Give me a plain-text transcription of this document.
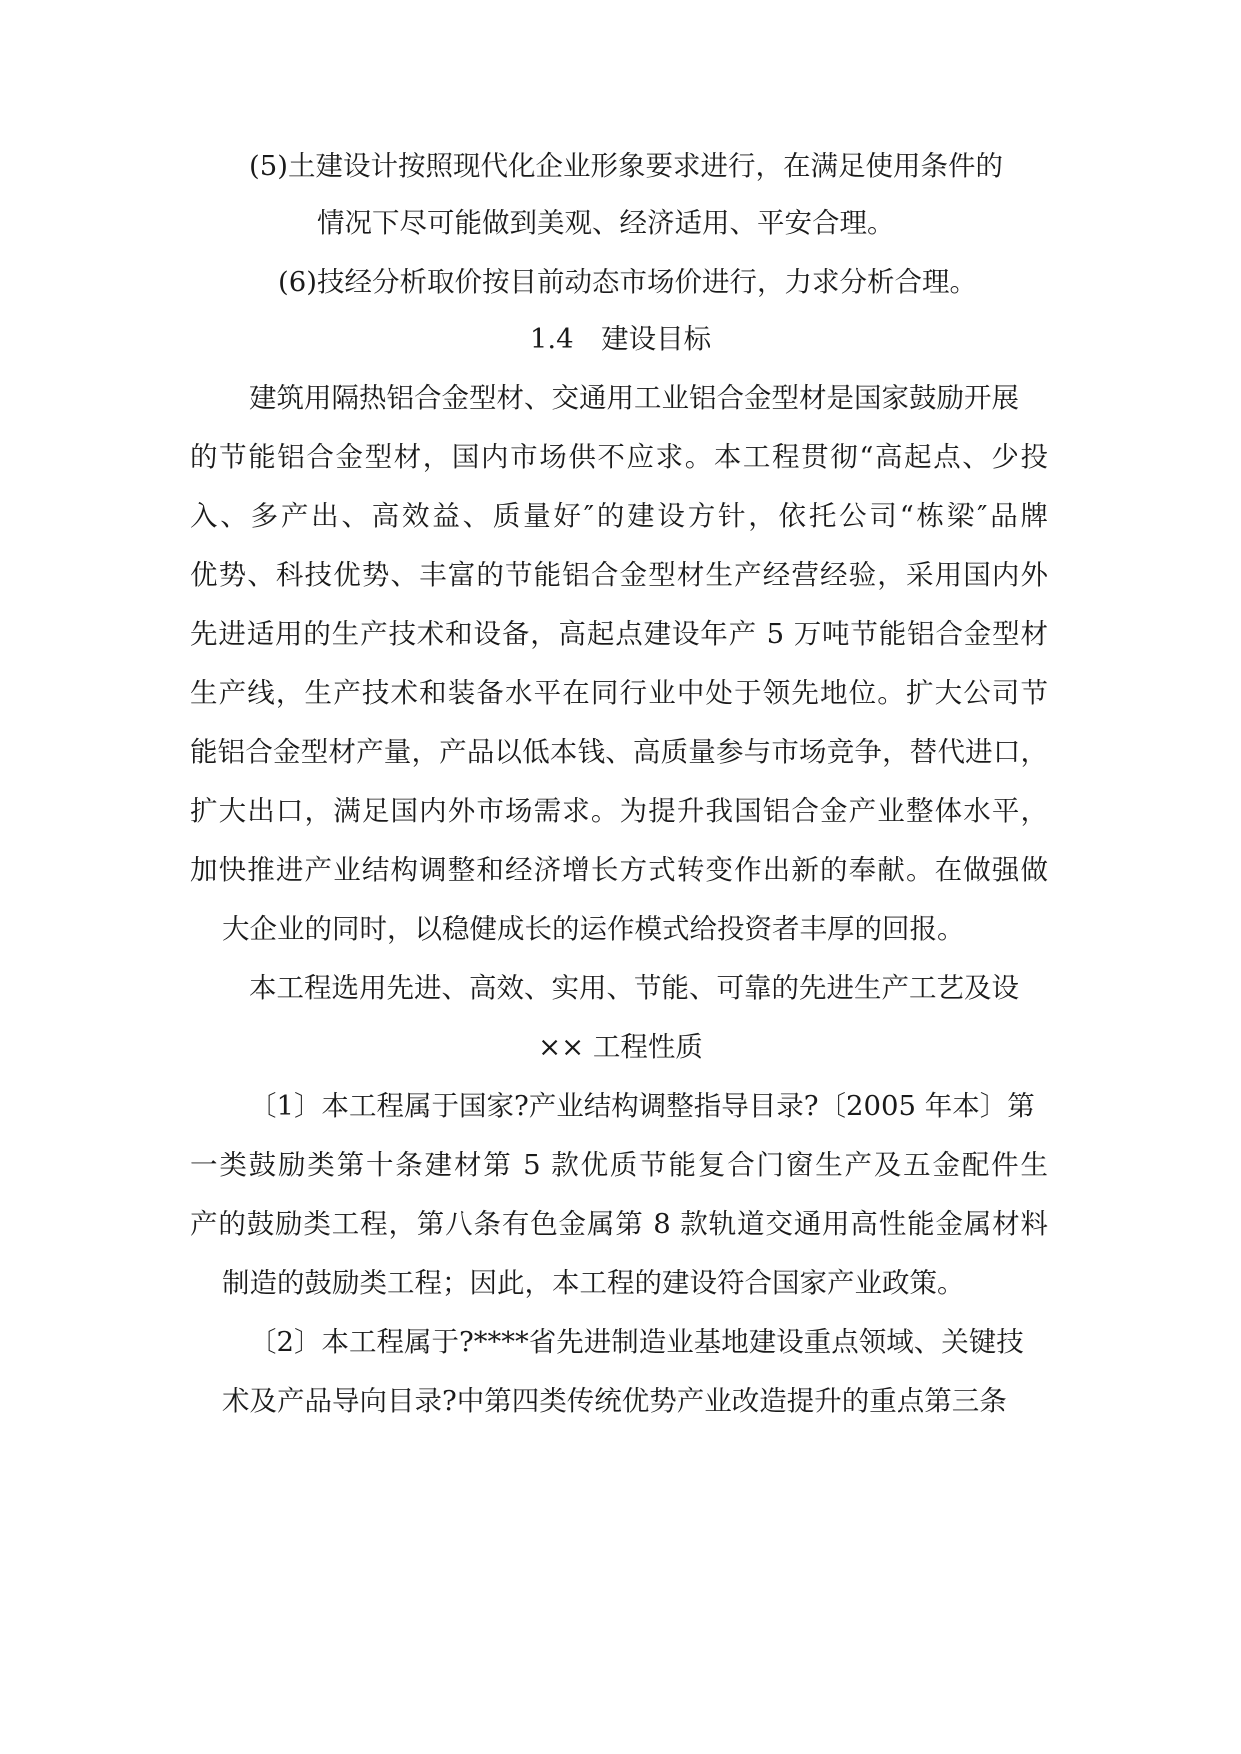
(5)土建设计按照现代化企业形象要求进行，在满足使用条件的
情况下尽可能做到美观、经济适用、平安合理。
(6)技经分析取价按目前动态市场价进行，力求分析合理。
1.4　建设目标
建筑用隔热铝合金型材、交通用工业铝合金型材是国家鼓励开展
的节能铝合金型材，国内市场供不应求。本工程贯彻“高起点、少投
入、多产出、高效益、质量好″的建设方针，依托公司“栋梁″品牌
优势、科技优势、丰富的节能铝合金型材生产经营经验，采用国内外
先进适用的生产技术和设备，高起点建设年产 5 万吨节能铝合金型材
生产线，生产技术和装备水平在同行业中处于领先地位。扩大公司节
能铝合金型材产量，产品以低本钱、高质量参与市场竞争，替代进口，
扩大出口，满足国内外市场需求。为提升我国铝合金产业整体水平，
加快推进产业结构调整和经济增长方式转变作出新的奉献。在做强做
大企业的同时，以稳健成长的运作模式给投资者丰厚的回报。
本工程选用先进、高效、实用、节能、可靠的先进生产工艺及设
×× 工程性质
〔1〕本工程属于国家?产业结构调整指导目录?〔2005 年本〕第
一类鼓励类第十条建材第 5 款优质节能复合门窗生产及五金配件生
产的鼓励类工程，第八条有色金属第 8 款轨道交通用高性能金属材料
制造的鼓励类工程；因此，本工程的建设符合国家产业政策。
〔2〕本工程属于?****省先进制造业基地建设重点领域、关键技
术及产品导向目录?中第四类传统优势产业改造提升的重点第三条
